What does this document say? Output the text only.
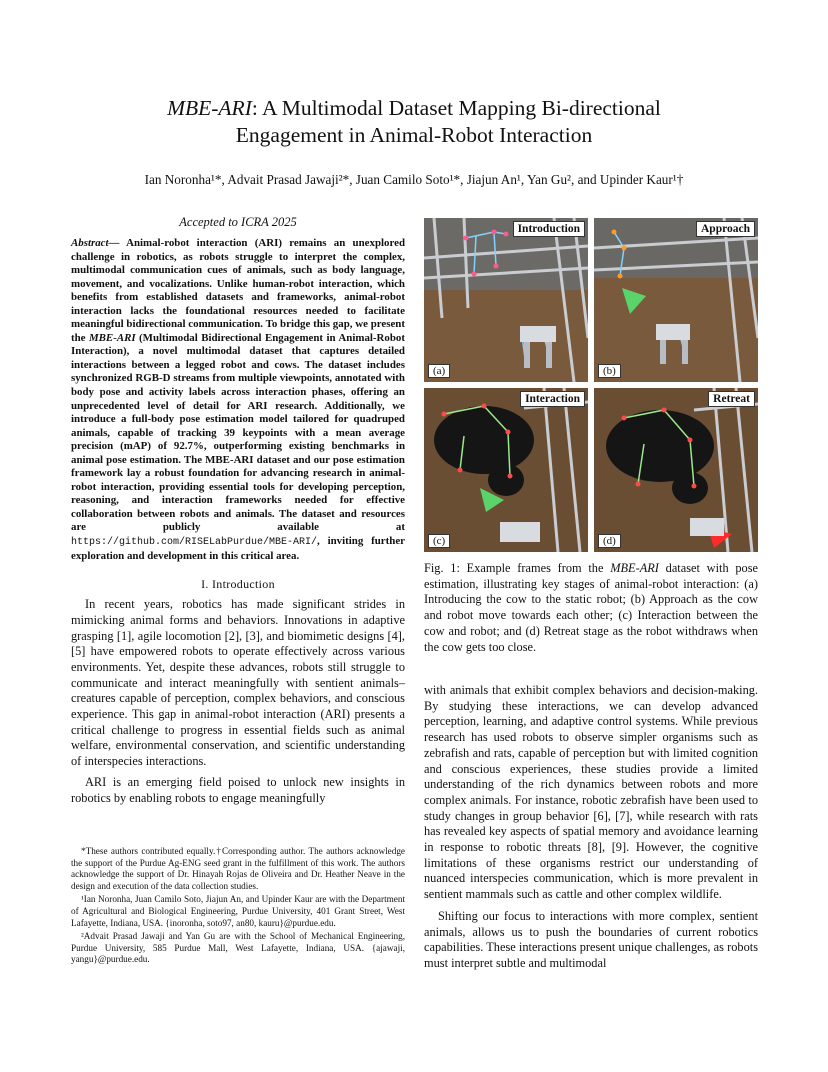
MBE-ARI: A Multimodal Dataset Mapping Bi-directional
Engagement in Animal-Robot Interaction
Ian Noronha¹*, Advait Prasad Jawaji²*, Juan Camilo Soto¹*, Jiajun An¹, Yan Gu², and Upinder Kaur¹†
Accepted to ICRA 2025

Abstract— Animal-robot interaction (ARI) remains an unexplored challenge in robotics, as robots struggle to interpret the complex, multimodal communication cues of animals, such as body language, movement, and vocalizations. Unlike human-robot interaction, which benefits from established datasets and frameworks, animal-robot interaction lacks the foundational resources needed to facilitate meaningful bidirectional communication. To bridge this gap, we present the MBE-ARI (Multimodal Bidirectional Engagement in Animal-Robot Interaction), a novel multimodal dataset that captures detailed interactions between a legged robot and cows. The dataset includes synchronized RGB-D streams from multiple viewpoints, annotated with body pose and activity labels across interaction phases, offering an unprecedented level of detail for ARI research. Additionally, we introduce a full-body pose estimation model tailored for quadruped animals, capable of tracking 39 keypoints with a mean average precision (mAP) of 92.7%, outperforming existing benchmarks in animal pose estimation. The MBE-ARI dataset and our pose estimation framework lay a robust foundation for advancing research in animal-robot interaction, providing essential tools for developing perception, reasoning, and interaction frameworks needed for effective collaboration between robots and animals. The dataset and resources are publicly available at https://github.com/RISELabPurdue/MBE-ARI/, inviting further exploration and development in this critical area.

I. Introduction

In recent years, robotics has made significant strides in mimicking animal forms and behaviors. Innovations in adaptive grasping [1], agile locomotion [2], [3], and biomimetic designs [4], [5] have empowered robots to operate effectively across various environments. Yet, despite these advances, robots still struggle to communicate and interact meaningfully with sentient animals–creatures capable of perception, complex behaviors, and conscious experience. This gap in animal-robot interaction (ARI) presents a critical challenge to progress in essential fields such as animal welfare, environmental conservation, and scientific understanding of interspecies interactions.

ARI is an emerging field poised to unlock new insights in robotics by enabling robots to engage meaningfully

*These authors contributed equally.†Corresponding author. The authors acknowledge the support of the Purdue Ag-ENG seed grant in the fulfillment of this work. The authors acknowledge the support of Dr. Hinayah Rojas de Oliveira and Dr. Heather Neave in the design and execution of the data collection studies.

¹Ian Noronha, Juan Camilo Soto, Jiajun An, and Upinder Kaur are with the Department of Agricultural and Biological Engineering, Purdue University, 401 Grant Street, West Lafayette, Indiana, USA. {inoronha, soto97, an80, kauru}@purdue.edu.

²Advait Prasad Jawaji and Yan Gu are with the School of Mechanical Engineering, Purdue University, 585 Purdue Mall, West Lafayette, Indiana, USA. {ajawaji, yangu}@purdue.edu.

Introduction
(a)
Approach
(b)
Interaction
(c)
Retreat
(d)

Fig. 1: Example frames from the MBE-ARI dataset with pose estimation, illustrating key stages of animal-robot interaction: (a) Introducing the cow to the static robot; (b) Approach as the cow and robot move towards each other; (c) Interaction between the cow and robot; and (d) Retreat stage as the robot withdraws when the cow gets too close.

with animals that exhibit complex behaviors and decision-making. By studying these interactions, we can develop advanced perception, learning, and adaptive control systems. While previous research has used robots to observe simpler organisms such as zebrafish and rats, capable of perception but with limited cognition and conscious experiences, these studies provide a limited understanding of the rich dynamics between robots and more complex animals. For instance, robotic zebrafish have been used to study changes in group behavior [6], [7], while research with rats has revealed key aspects of spatial memory and avoidance learning in response to robotic threats [8], [9]. However, the cognitive limitations of these organisms restrict our understanding of nuanced interspecies communication, which is more prevalent in sentient mammals such as cattle and other complex wildlife.

Shifting our focus to interactions with more complex, sentient animals, allows us to push the boundaries of current robotics capabilities. These interactions present unique challenges, as robots must interpret subtle and multimodal
